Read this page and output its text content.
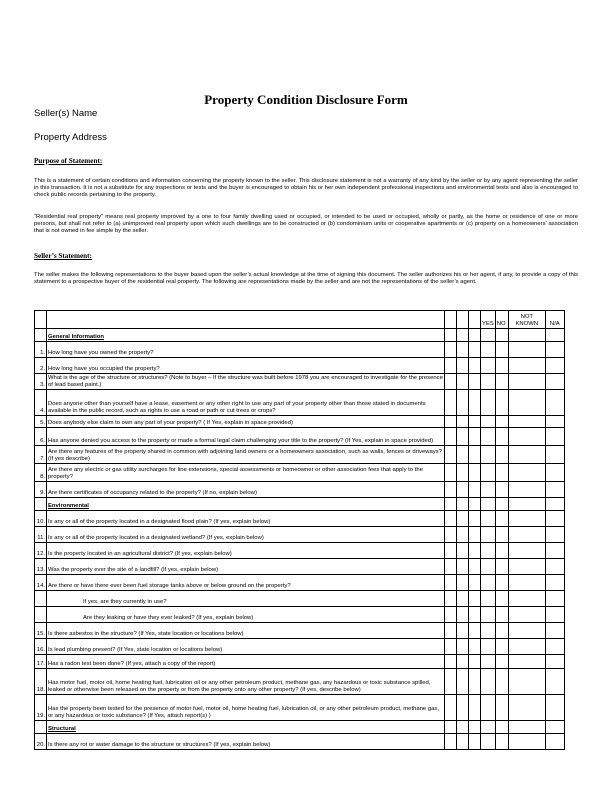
Property Condition Disclosure Form
Seller(s) Name
Property Address
Purpose of Statement:
This is a statement of certain conditions and information concerning the property known to the seller. This disclosure statement is not a warranty of any kind by the seller or by any agent representing the seller in this transaction. It is not a substitute for any inspections or tests and the buyer is encouraged to obtain his or her own independent professional inspections and environmental tests and also is encouraged to check public records pertaining to the property.
“Residential real property” means real property improved by a one to four family dwelling used or occupied, or intended to be used or occupied, wholly or partly, as the home or residence of one or more persons, but shall not refer to (a) unimproved real property upon which such dwellings are to be constructed or (b) condominium units or cooperative apartments or (c) property on a homeowners’ association that is not owned in fee simple by the seller.
Seller’s Statement:
The seller makes the following representations to the buyer based upon the seller’s actual knowledge at the time of signing this document. The seller authorizes his or her agent, if any, to provide a copy of this statement to a prospective buyer of the residential real property. The following are representations made by the seller and are not the representations of the seller’s agent.
					YES	NO	NOT KNOWN	N/A
	General Information							
1.	How long have you owned the property?							
2.	How long have you occupied the property?							
3.	What is the age of the structure or structures? (Note to buyer – If the structure was built before 1978 you are encouraged to investigate for the presence of lead based paint.)							
4.	Does anyone other than yourself have a lease, easement or any other right to use any part of your property other than those stated in documents available in the public record, such as rights to use a road or path or cut trees or crops?							
5.	Does anybody else claim to own any part of your property? ( If Yes, explain in space provided)							
6.	Has anyone denied you access to the property or made a formal legal claim challenging your title to the property? (If Yes, explain in space provided)							
7.	Are there any features of the property shared in common with adjoining land owners or a homeowners association, such as walls, fences or driveways? (If yes describe)							
8.	Are there any electric or gas utility surcharges for line extensions, special assessments or homeowner or other association fees that apply to the property?							
9.	Are there certificates of occupancy related to the property? (If no, explain below)							
	Environmental							
10.	Is any or all of the property located in a designated flood plain? (If yes, explain below)							
11.	Is any or all of the property located in a designated wetland? (If yes, explain below)							
12.	Is the property located in an agricultural district? (If yes, explain below)							
13.	Was the property ever the site of a landfill? (If yes, explain below)							
14.	Are there or have there ever been fuel storage tanks above or below ground on the property?							
	If yes, are they currently in use?							
	Are they leaking or have they ever leaked? (If yes, explain below)							
15.	Is there asbestos in the structure? (If Yes, state location or locations below)							
16.	Is lead plumbing present? (If Yes, state location or locations below)							
17.	Has a radon test been done? (If yes, attach a copy of the report)							
18.	Has motor fuel, motor oil, home heating fuel, lubrication oil or any other petroleum product, methane gas, any hazardous or toxic substance spilled, leaked or otherwise been released on the property or from the property onto any other property? (If yes, describe below)							
19.	Has the property been tested for the presence of motor fuel, motor oil, home heating fuel, lubrication oil, or any other petroleum product, methane gas, or any hazardous or toxic substance? (If Yes, attach report(s) )							
	Structural							
20.	Is there any rot or water damage to the structure or structures? (If yes, explain below)							
